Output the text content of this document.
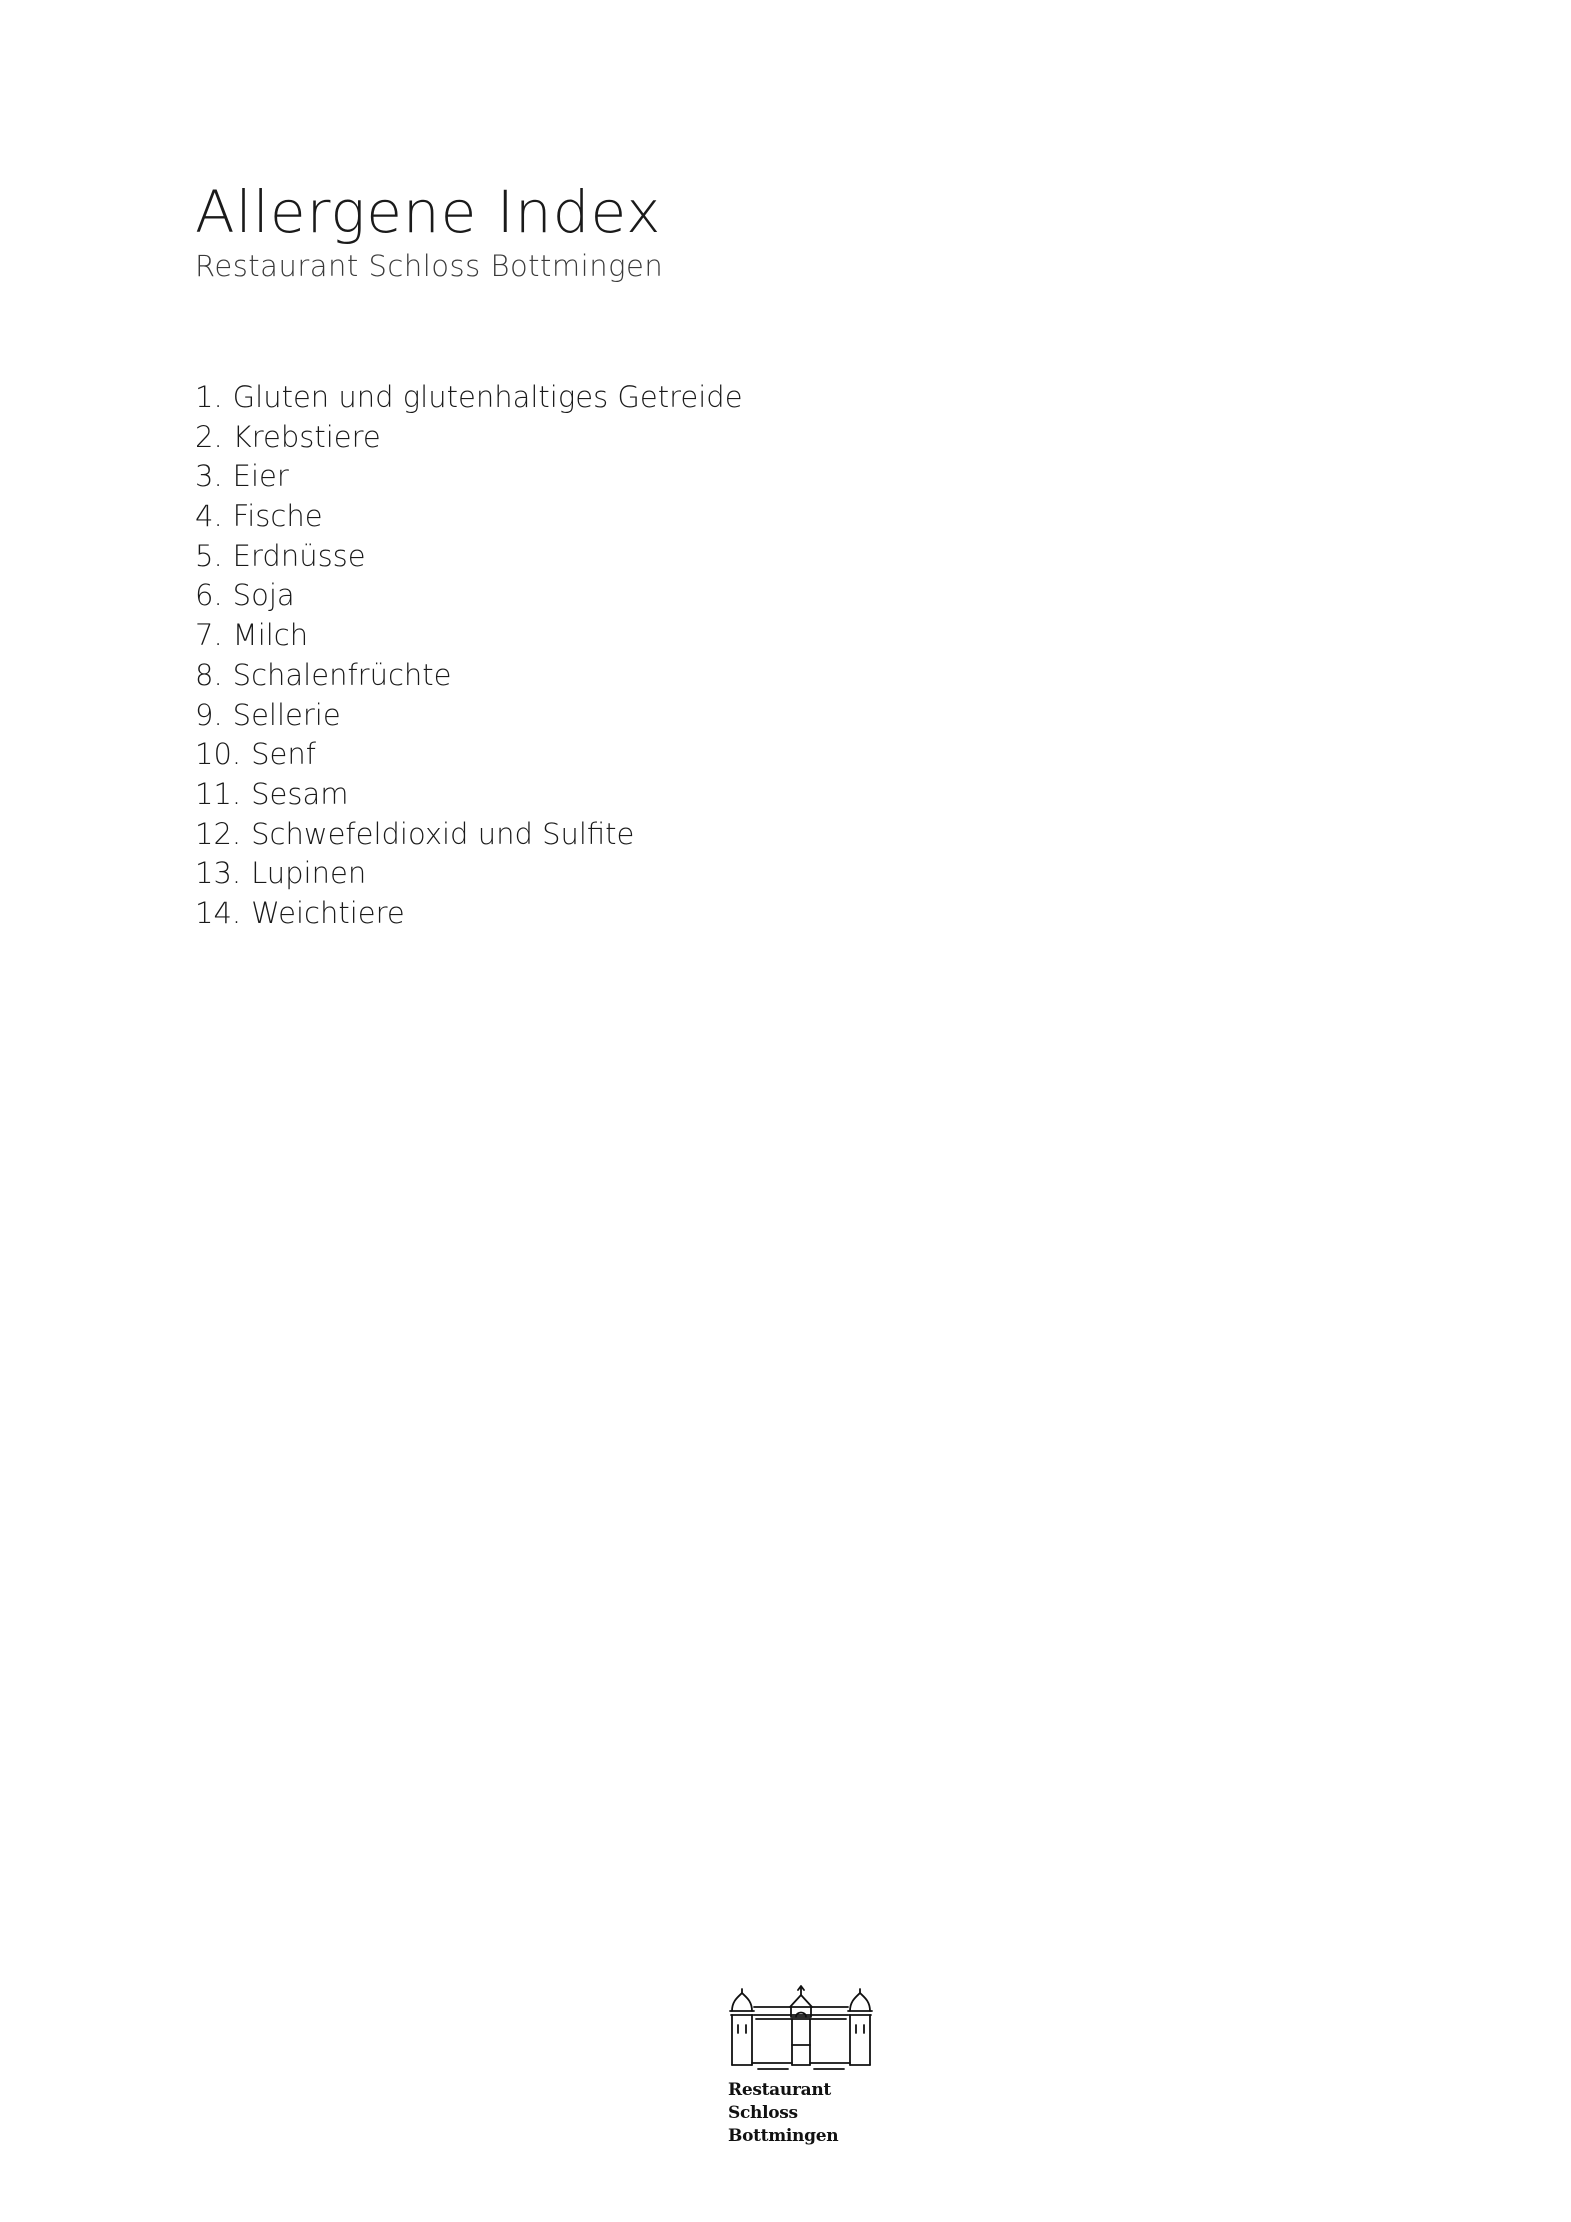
Allergene Index

Restaurant Schloss Bottmingen

1. Gluten und glutenhaltiges Getreide
2. Krebstiere
3. Eier
4. Fische
5. Erdnüsse
6. Soja
7. Milch
8. Schalenfrüchte
9. Sellerie
10. Senf
11. Sesam
12. Schwefeldioxid und Sulfite
13. Lupinen
14. Weichtiere
Restaurant
Schloss
Bottmingen
